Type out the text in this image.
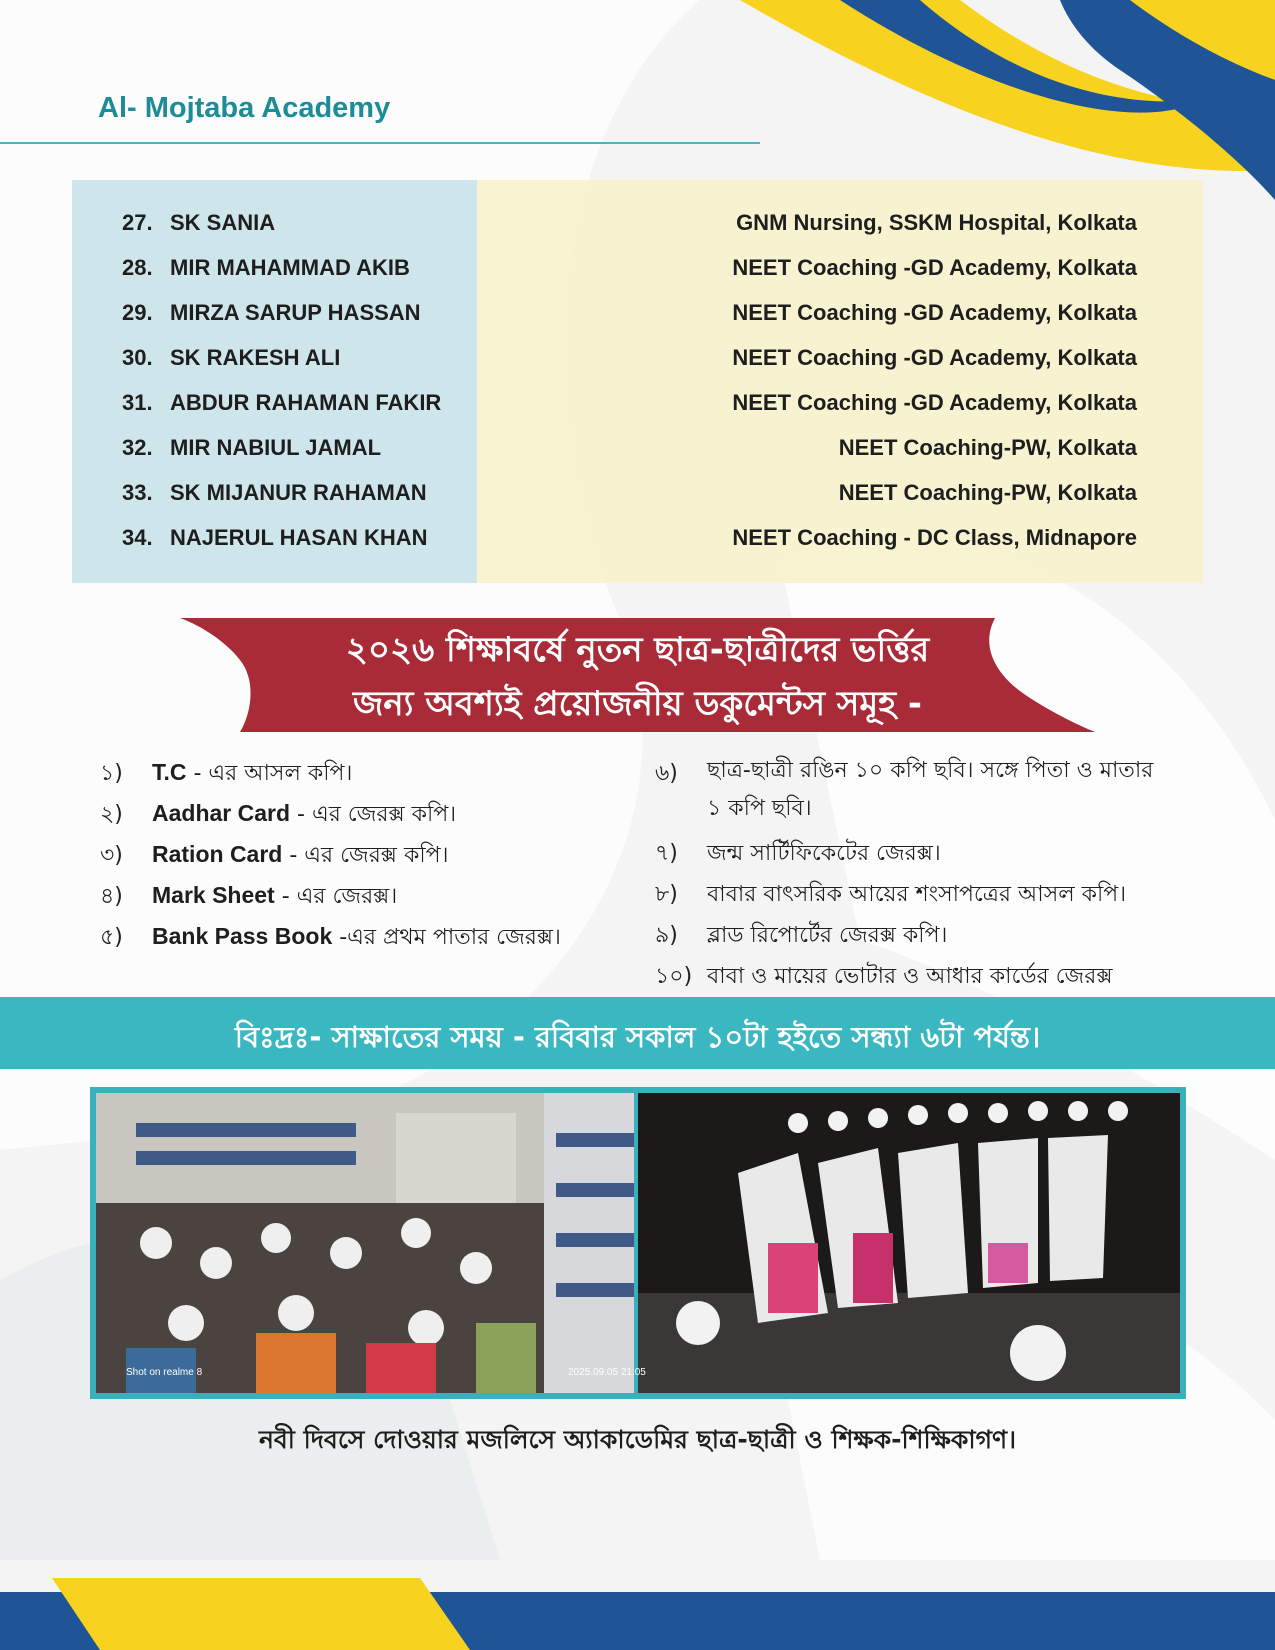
Al- Mojtaba Academy
27. SK SANIA	GNM Nursing, SSKM Hospital, Kolkata
28. MIR MAHAMMAD AKIB	NEET Coaching -GD Academy, Kolkata
29. MIRZA SARUP HASSAN	NEET Coaching -GD Academy, Kolkata
30. SK RAKESH ALI	NEET Coaching -GD Academy, Kolkata
31. ABDUR RAHAMAN FAKIR	NEET Coaching -GD Academy, Kolkata
32. MIR NABIUL JAMAL	NEET Coaching-PW, Kolkata
33. SK MIJANUR RAHAMAN	NEET Coaching-PW, Kolkata
34. NAJERUL HASAN KHAN	NEET Coaching - DC Class, Midnapore
২০২৬ শিক্ষাবর্ষে নুতন ছাত্র-ছাত্রীদের ভর্ত্তির
জন্য অবশ্যই প্রয়োজনীয় ডকুমেন্টস সমূহ -
১) T.C - এর আসল কপি।
২) Aadhar Card - এর জেরক্স কপি।
৩) Ration Card - এর জেরক্স কপি।
৪) Mark Sheet - এর জেরক্স।
৫) Bank Pass Book -এর প্রথম পাতার জেরক্স।
৬) ছাত্র-ছাত্রী রঙিন ১০ কপি ছবি। সঙ্গে পিতা ও মাতার ১ কপি ছবি।
৭) জন্ম সার্টিফিকেটের জেরক্স।
৮) বাবার বাৎসরিক আয়ের শংসাপত্রের আসল কপি।
৯) ব্লাড রিপোর্টের জেরক্স কপি।
১০) বাবা ও মায়ের ভোটার ও আধার কার্ডের জেরক্স
বিঃদ্রঃ- সাক্ষাতের সময় - রবিবার সকাল ১০টা হইতে সন্ধ্যা ৬টা পর্যন্ত।
Shot on realme 8	2025.09.05 21:05
নবী দিবসে দোওয়ার মজলিসে অ্যাকাডেমির ছাত্র-ছাত্রী ও শিক্ষক-শিক্ষিকাগণ।
